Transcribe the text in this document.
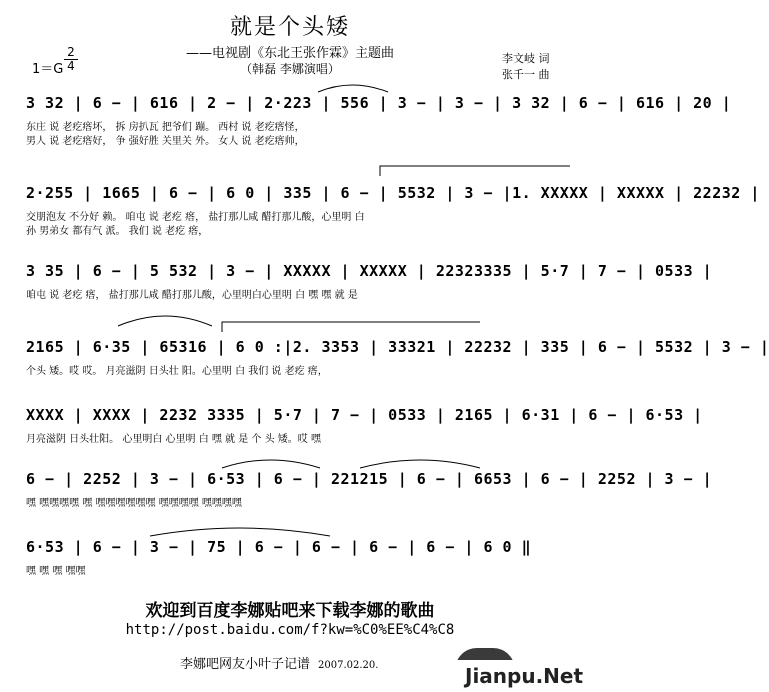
就是个头矮
——电视剧《东北王张作霖》主题曲
（韩磊 李娜演唱）
1＝G
2
4
李文岐 词
张千一 曲
3 32 | 6 − | 616 | 2 − | 2·223 | 556 | 3 − | 3 − | 3 32 | 6 − | 616 | 20 |
东庄 说 老疙瘩坏， 拆 房扒瓦 把爷们 蹦。 西村 说 老疙瘩怪，
男人 说 老疙瘩好， 争 强好胜 关里关 外。 女人 说 老疙瘩帅，
2·255 | 1665 | 6 − | 6 0 | 335 | 6 − | 5532 | 3 − |1. XXXXX | XXXXX | 22232 |
交朋泡友 不分好 赖。 咱屯 说 老疙 瘩， 盐打那儿咸 醋打那儿酸，心里明 白
孙 男弟女 都有气 派。 我们 说 老疙 瘩，
3 35 | 6 − | 5 532 | 3 − | XXXXX | XXXXX | 22323335 | 5·7 | 7 − | 0533 |
咱屯 说 老疙 瘩， 盐打那儿咸 醋打那儿酸，心里明白心里明 白 嘿 嘿 就 是
2165 | 6·35 | 65316 | 6 0 :|2. 3353 | 33321 | 22232 | 335 | 6 − | 5532 | 3 − |
个头 矮。哎 哎。 月亮滋阴 日头壮 阳。心里明 白 我们 说 老疙 瘩，
XXXX | XXXX | 2232 3335 | 5·7 | 7 − | 0533 | 2165 | 6·31 | 6 − | 6·53 |
月亮滋阴 日头壮阳。 心里明白 心里明 白 嘿 就 是 个 头 矮。哎 嘿
6 − | 2252 | 3 − | 6·53 | 6 − | 221215 | 6 − | 6653 | 6 − | 2252 | 3 − |
嘿 嘿嘿嘿嘿 嘿 嘿嘿嘿嘿嘿嘿 嘿嘿嘿嘿 嘿嘿嘿嘿
6·53 | 6 − | 3 − | 75 | 6 − | 6 − | 6 − | 6 − | 6 0 ‖
嘿 嘿 嘿 嘿嘿
欢迎到百度李娜贴吧来下载李娜的歌曲
http://post.baidu.com/f?kw=%C0%EE%C4%C8
李娜吧网友小叶子记谱 2007.02.20.	Jianpu.Net
